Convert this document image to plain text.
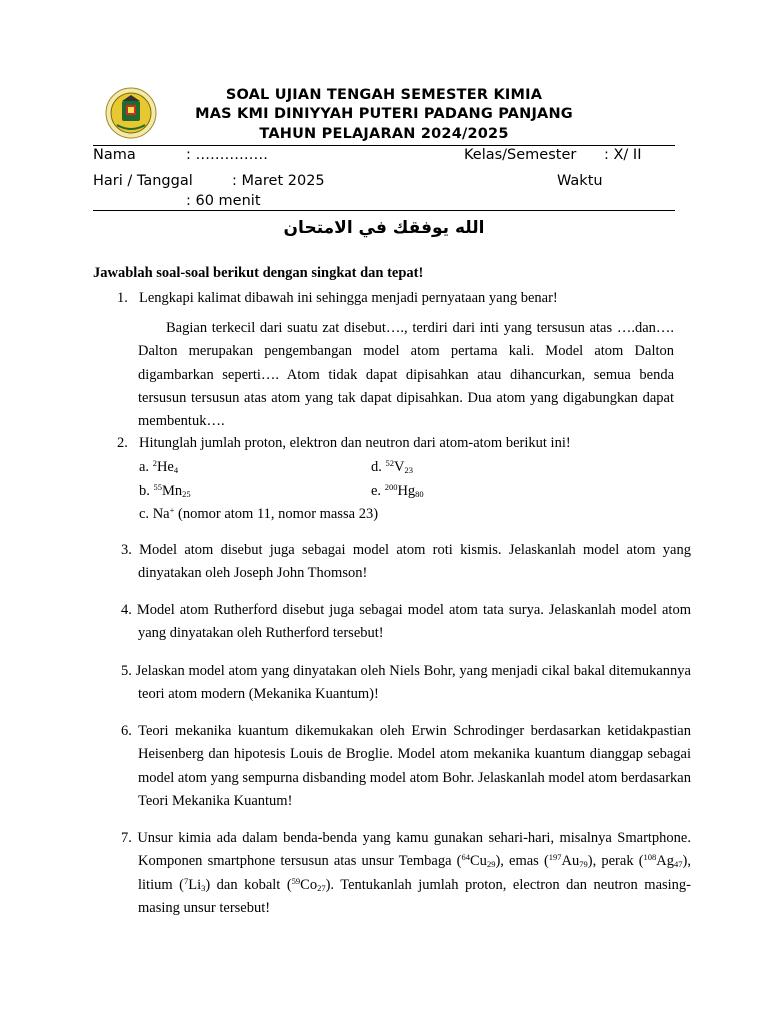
SOAL UJIAN TENGAH SEMESTER KIMIA
MAS KMI DINIYYAH PUTERI PADANG PANJANG
TAHUN PELAJARAN 2024/2025
Nama	: ……………	Kelas/Semester : X/ II
Hari / Tanggal	: Maret 2025	Waktu
: 60 menit
الله يوفقك في الامتحان
Jawablah soal-soal berikut dengan singkat dan tepat!
1. Lengkapi kalimat dibawah ini sehingga menjadi pernyataan yang benar!
Bagian terkecil dari suatu zat disebut…., terdiri dari inti yang tersusun atas ….dan…. Dalton merupakan pengembangan model atom pertama kali. Model atom Dalton digambarkan seperti…. Atom tidak dapat dipisahkan atau dihancurkan, semua benda tersusun tersusun atas atom yang tak dapat dipisahkan. Dua atom yang digabungkan dapat membentuk….
2. Hitunglah jumlah proton, elektron dan neutron dari atom-atom berikut ini!
a. $^2He_4$	d. $^{52}V_{23}$
b. $^{55}Mn_{25}$	e. $^{200}Hg_{80}$
c. Na+ (nomor atom 11, nomor massa 23)
3. Model atom disebut juga sebagai model atom roti kismis. Jelaskanlah model atom yang dinyatakan oleh Joseph John Thomson!
4. Model atom Rutherford disebut juga sebagai model atom tata surya. Jelaskanlah model atom yang dinyatakan oleh Rutherford tersebut!
5. Jelaskan model atom yang dinyatakan oleh Niels Bohr, yang menjadi cikal bakal ditemukannya teori atom modern (Mekanika Kuantum)!
6. Teori mekanika kuantum dikemukakan oleh Erwin Schrodinger berdasarkan ketidakpastian Heisenberg dan hipotesis Louis de Broglie. Model atom mekanika kuantum dianggap sebagai model atom yang sempurna disbanding model atom Bohr. Jelaskanlah model atom berdasarkan Teori Mekanika Kuantum!
7. Unsur kimia ada dalam benda-benda yang kamu gunakan sehari-hari, misalnya Smartphone. Komponen smartphone tersusun atas unsur Tembaga $(^{64}Cu_{29})$, emas $(^{197}Au_{79})$, perak $(^{108}Ag_{47})$, litium $(^7Li_3)$ dan kobalt $(^{59}Co_{27})$. Tentukanlah jumlah proton, electron dan neutron masing-masing unsur tersebut!
